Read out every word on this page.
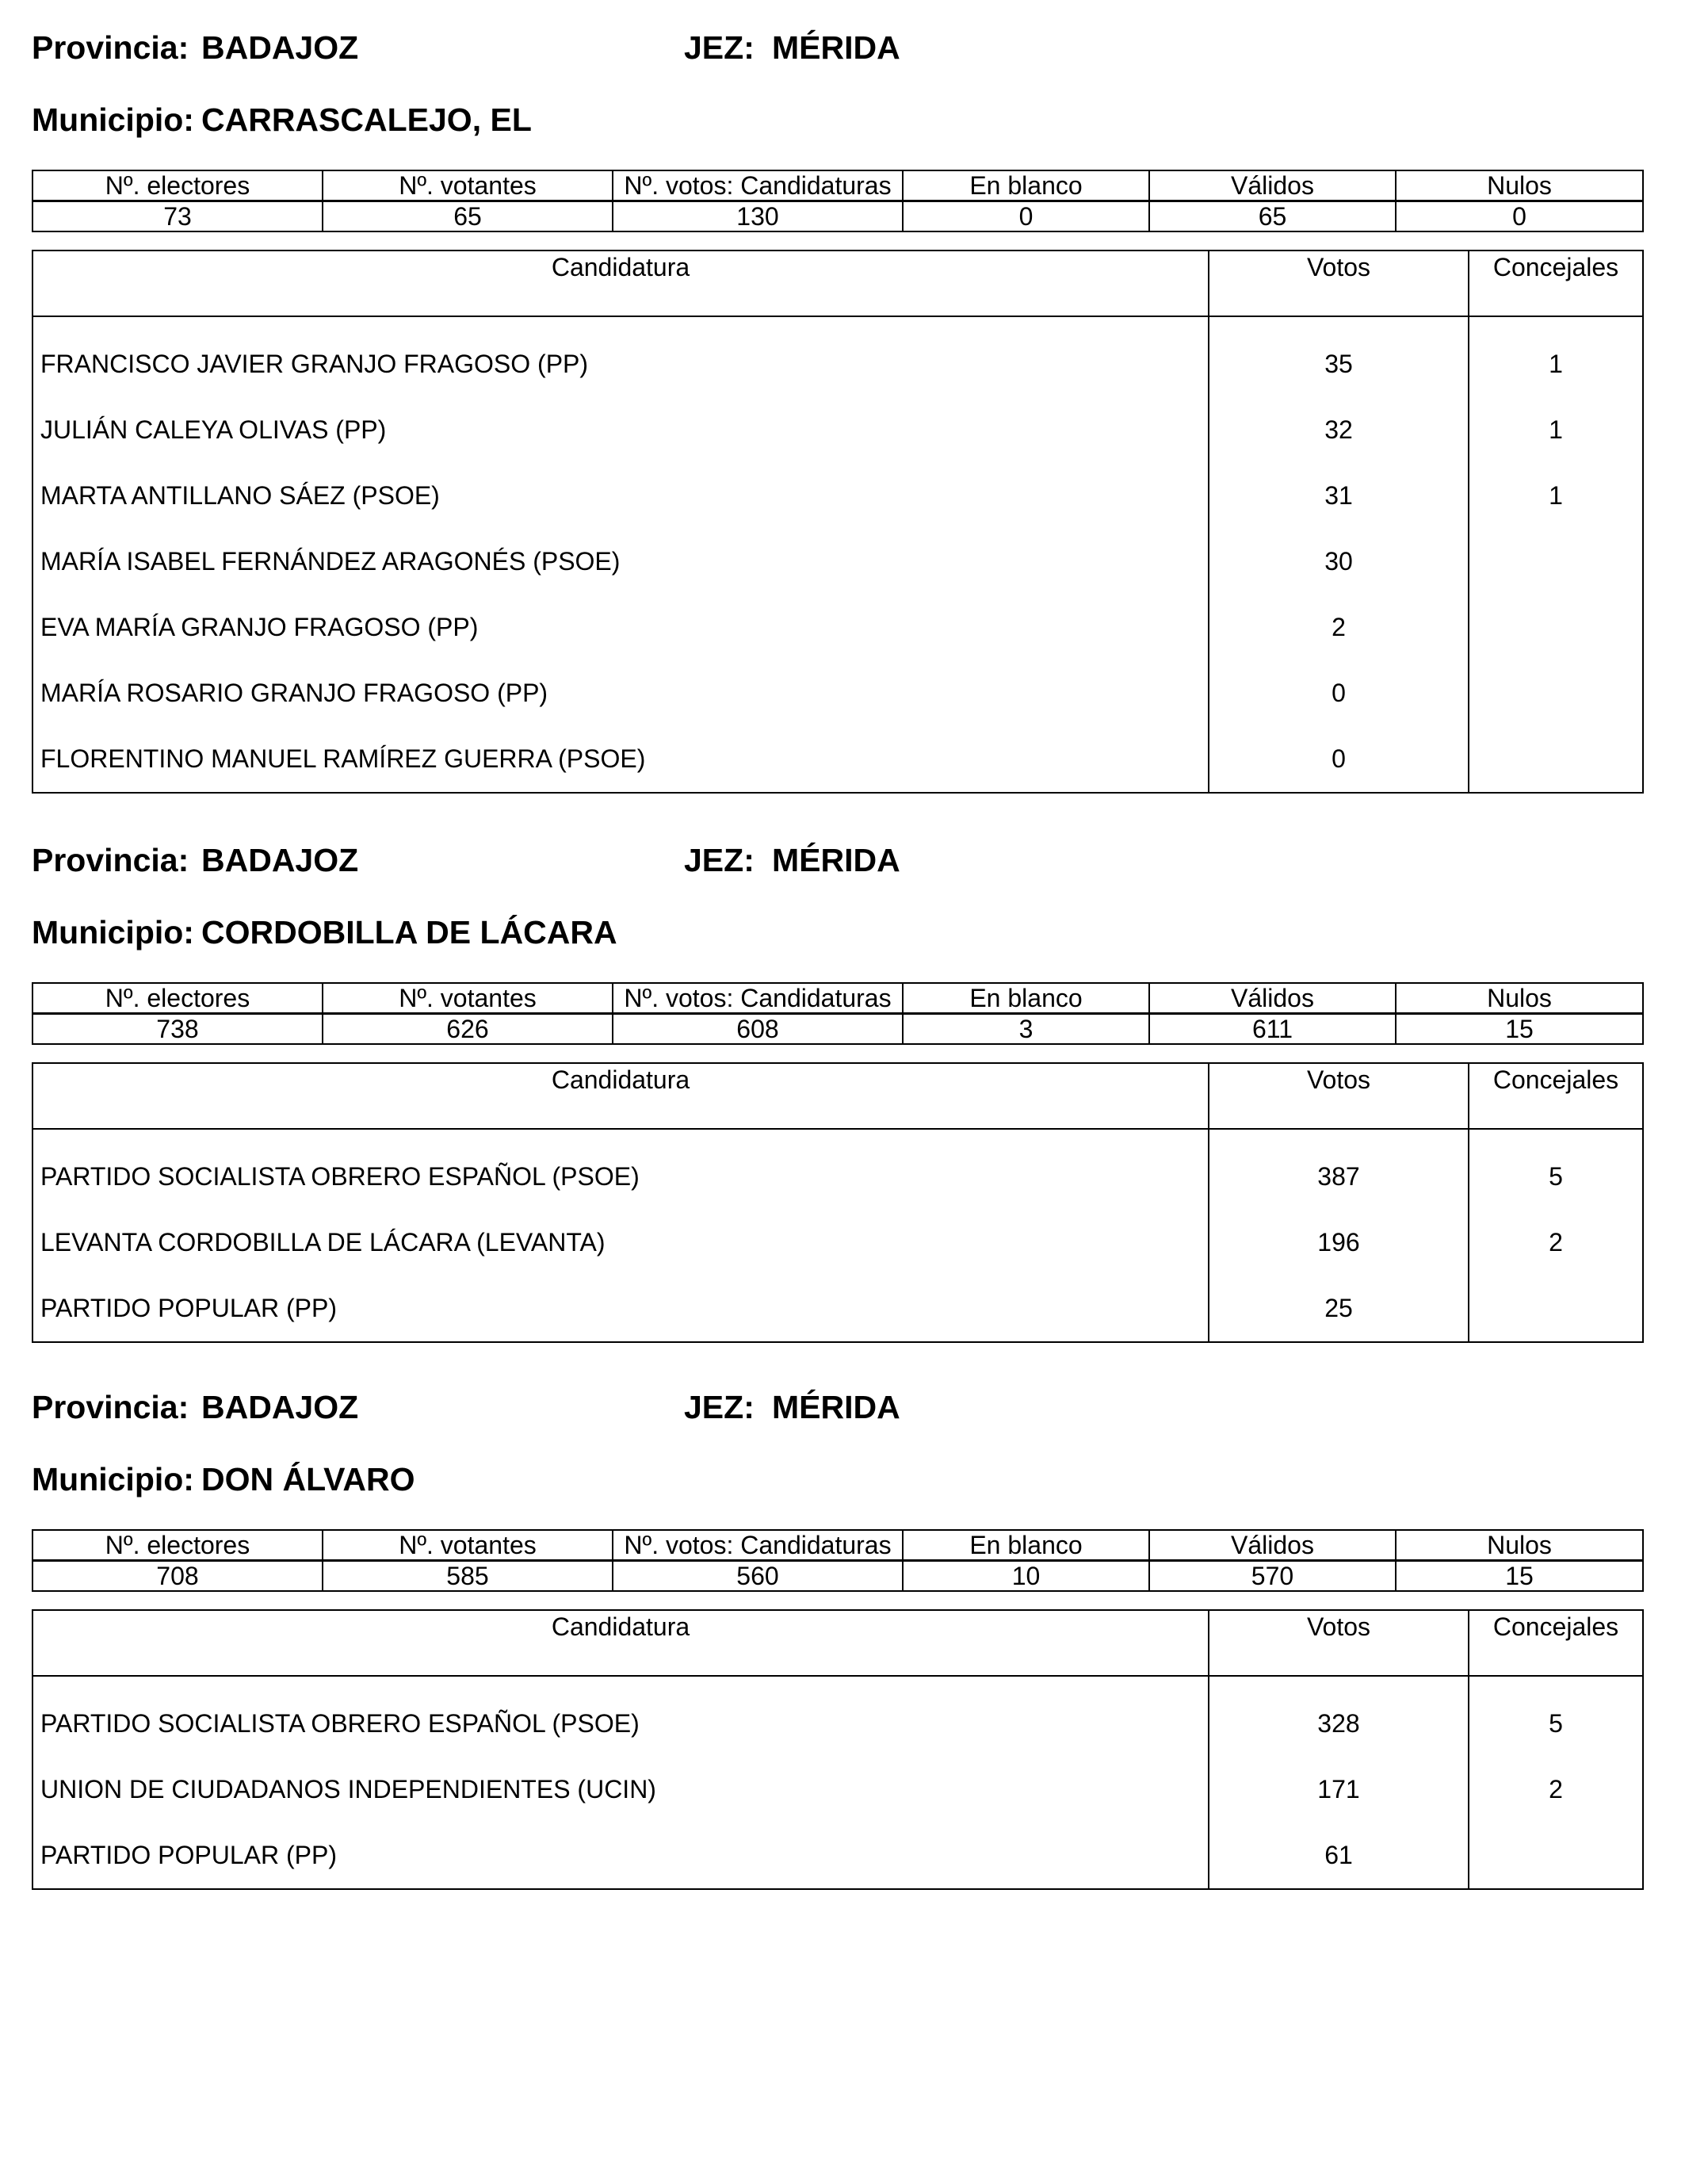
Provincia: BADAJOZ	JEZ: MÉRIDA
Municipio: CARRASCALEJO, EL
Nº. electores	Nº. votantes	Nº. votos: Candidaturas	En blanco	Válidos	Nulos
73	65	130	0	65	0
Candidatura	Votos	Concejales
FRANCISCO JAVIER GRANJO FRAGOSO (PP)	35	1
JULIÁN CALEYA OLIVAS (PP)	32	1
MARTA ANTILLANO SÁEZ (PSOE)	31	1
MARÍA ISABEL FERNÁNDEZ ARAGONÉS (PSOE)	30	
EVA MARÍA GRANJO FRAGOSO (PP)	2	
MARÍA ROSARIO GRANJO FRAGOSO (PP)	0	
FLORENTINO MANUEL RAMÍREZ GUERRA (PSOE)	0	
Provincia: BADAJOZ	JEZ: MÉRIDA
Municipio: CORDOBILLA DE LÁCARA
Nº. electores	Nº. votantes	Nº. votos: Candidaturas	En blanco	Válidos	Nulos
738	626	608	3	611	15
Candidatura	Votos	Concejales
PARTIDO SOCIALISTA OBRERO ESPAÑOL (PSOE)	387	5
LEVANTA CORDOBILLA DE LÁCARA (LEVANTA)	196	2
PARTIDO POPULAR (PP)	25	
Provincia: BADAJOZ	JEZ: MÉRIDA
Municipio: DON ÁLVARO
Nº. electores	Nº. votantes	Nº. votos: Candidaturas	En blanco	Válidos	Nulos
708	585	560	10	570	15
Candidatura	Votos	Concejales
PARTIDO SOCIALISTA OBRERO ESPAÑOL (PSOE)	328	5
UNION DE CIUDADANOS INDEPENDIENTES (UCIN)	171	2
PARTIDO POPULAR (PP)	61	
